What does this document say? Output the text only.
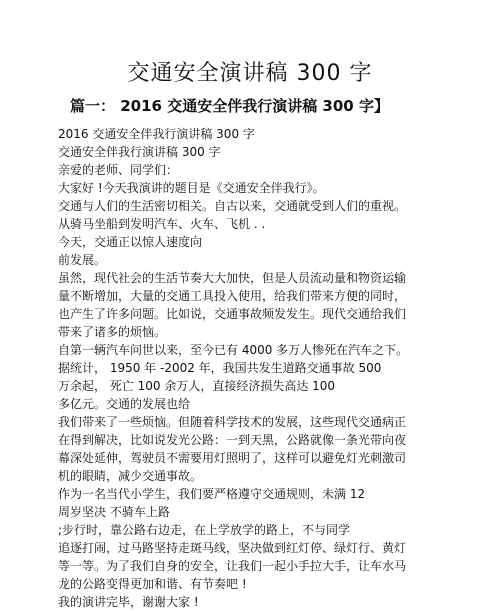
交通安全演讲稿 300 字
篇一： 2016 交通安全伴我行演讲稿 300 字】
2016 交通安全伴我行演讲稿 300 字
交通安全伴我行演讲稿 300 字
亲爱的老师、同学们：
大家好 !今天我演讲的题目是《交通安全伴我行》。
交通与人们的生活密切相关。自古以来，交通就受到人们的重视。
从骑马坐船到发明汽车、火车、飞机 . .
今天，交通正以惊人速度向
前发展。
虽然，现代社会的生活节奏大大加快，但是人员流动量和物资运输
量不断增加，大量的交通工具投入使用，给我们带来方便的同时，
也产生了许多问题。比如说，交通事故频发发生。现代交通给我们
带来了诸多的烦恼。
自第一辆汽车问世以来，至今已有 4000 多万人惨死在汽车之下。
据统计， 1950 年 -2002 年，我国共发生道路交通事故 500
万余起， 死亡 100 余万人，直接经济损失高达 100
多亿元。交通的发展也给
我们带来了一些烦恼。但随着科学技术的发展，这些现代交通病正
在得到解决，比如说发光公路：一到天黑，公路就像一条光带向夜
幕深处延伸，驾驶员不需要用灯照明了，这样可以避免灯光刺激司
机的眼睛，减少交通事故。
作为一名当代小学生，我们要严格遵守交通规则，未满 12
周岁坚决 不骑车上路
;步行时，靠公路右边走，在上学放学的路上，不与同学
追逐打闹，过马路坚持走斑马线，坚决做到红灯停、绿灯行、黄灯
等一等。为了我们自身的安全，让我们一起小手拉大手，让车水马
龙的公路变得更加和谐、有节奏吧 !
我的演讲完毕，谢谢大家 !
